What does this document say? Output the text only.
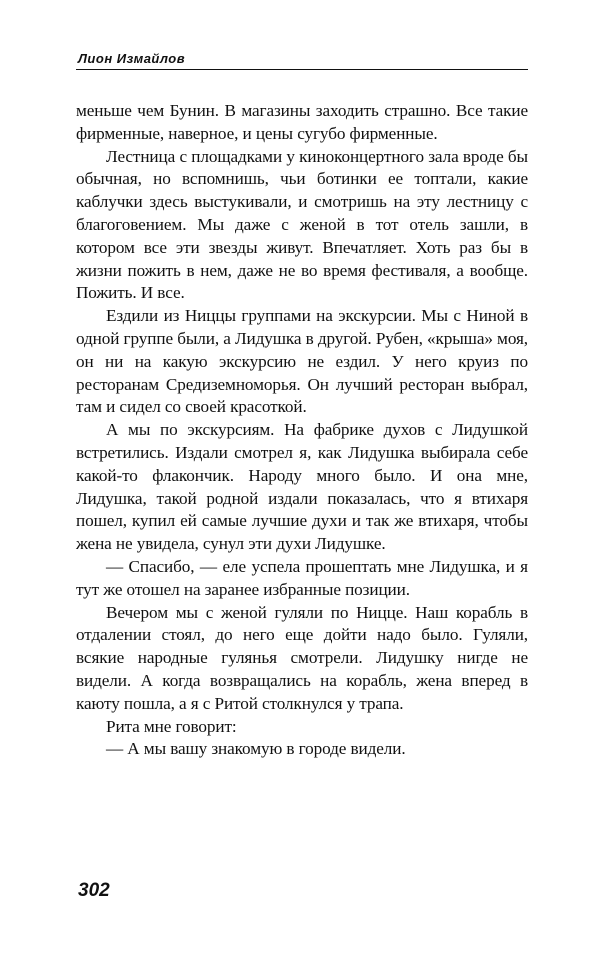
Лион Измайлов

меньше чем Бунин. В магазины заходить страшно. Все такие фирменные, наверное, и цены сугубо фирменные.

Лестница с площадками у киноконцертного зала вроде бы обычная, но вспомнишь, чьи ботинки ее топтали, какие каблучки здесь выстукивали, и смотришь на эту лестницу с благоговением. Мы даже с женой в тот отель зашли, в котором все эти звезды живут. Впечатляет. Хоть раз бы в жизни пожить в нем, даже не во время фестиваля, а вообще. Пожить. И все.

Ездили из Ниццы группами на экскурсии. Мы с Ниной в одной группе были, а Лидушка в другой. Рубен, «крыша» моя, он ни на какую экскурсию не ездил. У него круиз по ресторанам Средиземноморья. Он лучший ресторан выбрал, там и сидел со своей красоткой.

А мы по экскурсиям. На фабрике духов с Лидушкой встретились. Издали смотрел я, как Лидушка выбирала себе какой-то флакончик. Народу много было. И она мне, Лидушка, такой родной издали показалась, что я втихаря пошел, купил ей самые лучшие духи и так же втихаря, чтобы жена не увидела, сунул эти духи Лидушке.

— Спасибо, — еле успела прошептать мне Лидушка, и я тут же отошел на заранее избранные позиции.

Вечером мы с женой гуляли по Ницце. Наш корабль в отдалении стоял, до него еще дойти надо было. Гуляли, всякие народные гулянья смотрели. Лидушку нигде не видели. А когда возвращались на корабль, жена вперед в каюту пошла, а я с Ритой столкнулся у трапа.

Рита мне говорит:

— А мы вашу знакомую в городе видели.

302
